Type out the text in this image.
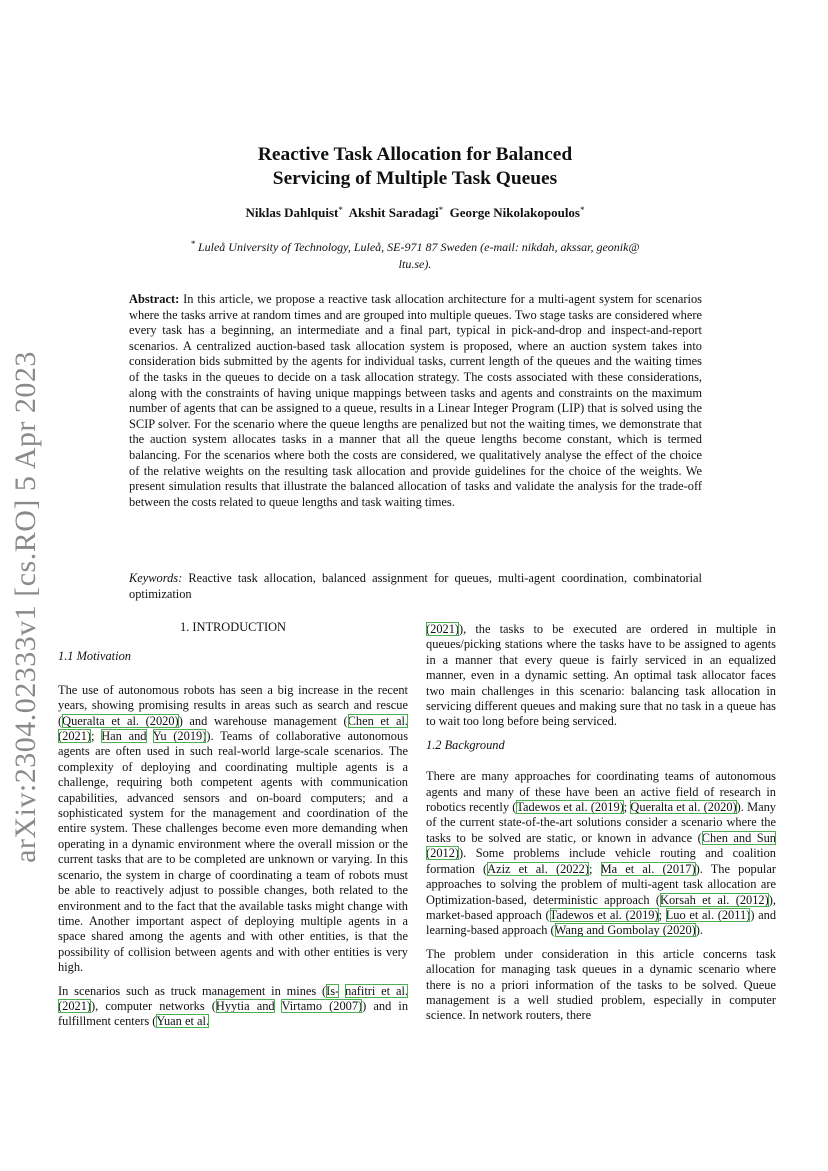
arXiv:2304.02333v1 [cs.RO] 5 Apr 2023
Reactive Task Allocation for Balanced
Servicing of Multiple Task Queues
Niklas Dahlquist* Akshit Saradagi* George Nikolakopoulos*
* Luleå University of Technology, Luleå, SE-971 87 Sweden (e-mail: nikdah, akssar, geonik@ ltu.se).
Abstract: In this article, we propose a reactive task allocation architecture for a multi-agent system for scenarios where the tasks arrive at random times and are grouped into multiple queues. Two stage tasks are considered where every task has a beginning, an intermediate and a final part, typical in pick-and-drop and inspect-and-report scenarios. A centralized auction-based task allocation system is proposed, where an auction system takes into consideration bids submitted by the agents for individual tasks, current length of the queues and the waiting times of the tasks in the queues to decide on a task allocation strategy. The costs associated with these considerations, along with the constraints of having unique mappings between tasks and agents and constraints on the maximum number of agents that can be assigned to a queue, results in a Linear Integer Program (LIP) that is solved using the SCIP solver. For the scenario where the queue lengths are penalized but not the waiting times, we demonstrate that the auction system allocates tasks in a manner that all the queue lengths become constant, which is termed balancing. For the scenarios where both the costs are considered, we qualitatively analyse the effect of the choice of the relative weights on the resulting task allocation and provide guidelines for the choice of the weights. We present simulation results that illustrate the balanced allocation of tasks and validate the analysis for the trade-off between the costs related to queue lengths and task waiting times.
Keywords: Reactive task allocation, balanced assignment for queues, multi-agent coordination, combinatorial optimization
1. INTRODUCTION
1.1 Motivation

The use of autonomous robots has seen a big increase in the recent years, showing promising results in areas such as search and rescue (Queralta et al. (2020)) and warehouse management (Chen et al. (2021); Han and Yu (2019)). Teams of collaborative autonomous agents are often used in such real-world large-scale scenarios. The complexity of deploying and coordinating multiple agents is a challenge, requiring both competent agents with communication capabilities, advanced sensors and on-board computers; and a sophisticated system for the management and coordination of the entire system. These challenges become even more demanding when operating in a dynamic environment where the overall mission or the current tasks that are to be completed are unknown or varying. In this scenario, the system in charge of coordinating a team of robots must be able to reactively adjust to possible changes, both related to the environment and to the fact that the available tasks might change with time. Another important aspect of deploying multiple agents in a space shared among the agents and with other entities, is that the possibility of collision between agents and with other entities is very high.

In scenarios such as truck management in mines (Is- nafitri et al. (2021)), computer networks (Hyytia and Virtamo (2007)) and in fulfillment centers (Yuan et al.

(2021)), the tasks to be executed are ordered in multiple in queues/picking stations where the tasks have to be assigned to agents in a manner that every queue is fairly serviced in an equalized manner, even in a dynamic setting. An optimal task allocator faces two main challenges in this scenario: balancing task allocation in servicing different queues and making sure that no task in a queue has to wait too long before being serviced.

1.2 Background

There are many approaches for coordinating teams of autonomous agents and many of these have been an active field of research in robotics recently (Tadewos et al. (2019); Queralta et al. (2020)). Many of the current state-of-the-art solutions consider a scenario where the tasks to be solved are static, or known in advance (Chen and Sun (2012)). Some problems include vehicle routing and coalition formation (Aziz et al. (2022); Ma et al. (2017)). The popular approaches to solving the problem of multi-agent task allocation are Optimization-based, deterministic approach (Korsah et al. (2012)), market-based approach (Tadewos et al. (2019); Luo et al. (2011)) and learning-based approach (Wang and Gombolay (2020)).

The problem under consideration in this article concerns task allocation for managing task queues in a dynamic scenario where there is no a priori information of the tasks to be solved. Queue management is a well studied problem, especially in computer science. In network routers, there
